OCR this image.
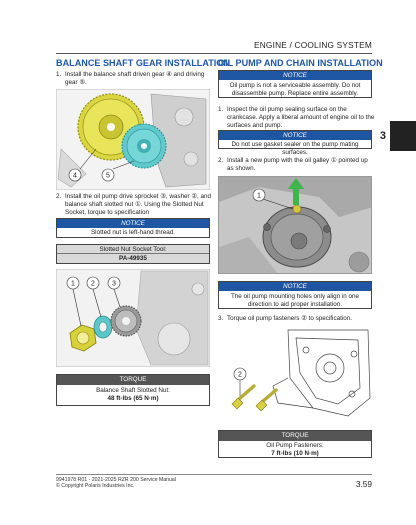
ENGINE / COOLING SYSTEM
3
BALANCE SHAFT GEAR INSTALLATION
1. Install the balance shaft driven gear ④ and driving gear ⑤.
4	5
2. Install the oil pump drive sprocket ③, washer ②, and balance shaft slotted nut ①. Using the Slotted Nut Socket, torque to specification
NOTICE
Slotted nut is left-hand thread.
Slotted Nut Socket Tool:
PA-49935
1 2 3
TORQUE
Balance Shaft Slotted Nut:
48 ft-lbs (65 N·m)
OIL PUMP AND CHAIN INSTALLATION
NOTICE
Oil pump is not a serviceable assembly. Do not disassemble pump. Replace entire assembly.
1. Inspect the oil pump sealing surface on the crankcase. Apply a liberal amount of engine oil to the surfaces and pump.
NOTICE
Do not use gasket sealer on the pump mating surfaces.
2. Install a new pump with the oil galley ① pointed up as shown.
1
NOTICE
The oil pump mounting holes only align in one direction to aid proper installation.
3. Torque oil pump fasteners ② to specification.
2
TORQUE
Oil Pump Fasteners:
7 ft-lbs (10 N·m)
9941978 R01 - 2021-2025 RZR 200 Service Manual
© Copyright Polaris Industries Inc.	3.59
